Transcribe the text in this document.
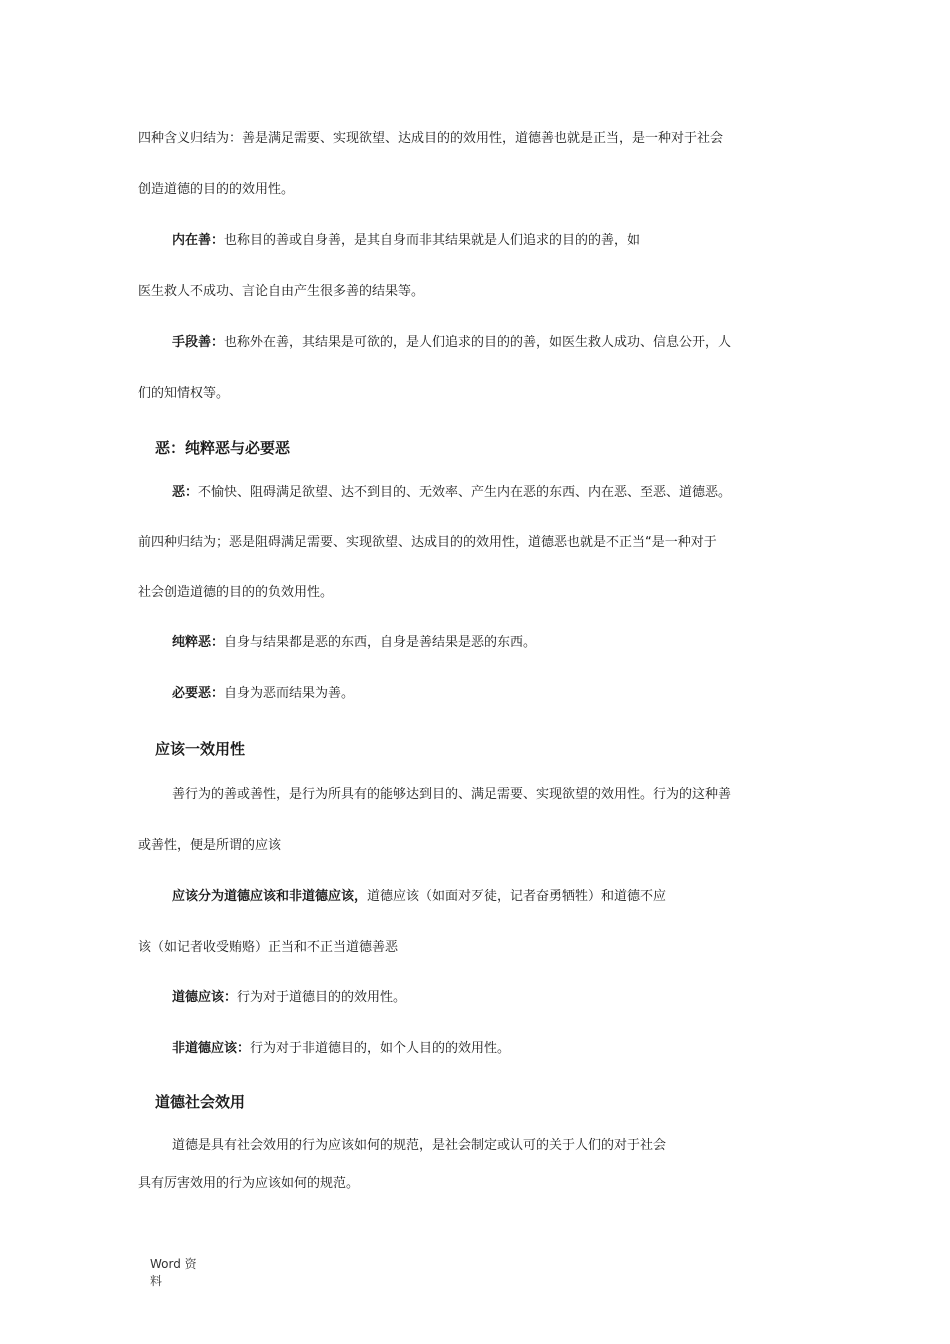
四种含义归结为：善是满足需要、实现欲望、达成目的的效用性，道德善也就是正当，是一种对于社会
创造道德的目的的效用性。
内在善：也称目的善或自身善，是其自身而非其结果就是人们追求的目的的善，如
医生救人不成功、言论自由产生很多善的结果等。
手段善：也称外在善，其结果是可欲的，是人们追求的目的的善，如医生救人成功、信息公开，人
们的知情权等。
恶：纯粹恶与必要恶
恶：不愉快、阻碍满足欲望、达不到目的、无效率、产生内在恶的东西、内在恶、至恶、道德恶。
前四种归结为；恶是阻碍满足需要、实现欲望、达成目的的效用性，道德恶也就是不正当“是一种对于
社会创造道德的目的的负效用性。
纯粹恶：自身与结果都是恶的东西，自身是善结果是恶的东西。
必要恶：自身为恶而结果为善。
应该一效用性
善行为的善或善性，是行为所具有的能够达到目的、满足需要、实现欲望的效用性。行为的这种善
或善性，便是所谓的应该
应该分为道德应该和非道德应该，道德应该（如面对歹徒，记者奋勇牺牲）和道德不应
该（如记者收受贿赂）正当和不正当道德善恶
道德应该：行为对于道德目的的效用性。
非道德应该：行为对于非道德目的，如个人目的的效用性。
道德社会效用
道德是具有社会效用的行为应该如何的规范，是社会制定或认可的关于人们的对于社会
具有厉害效用的行为应该如何的规范。
Word 资
料
